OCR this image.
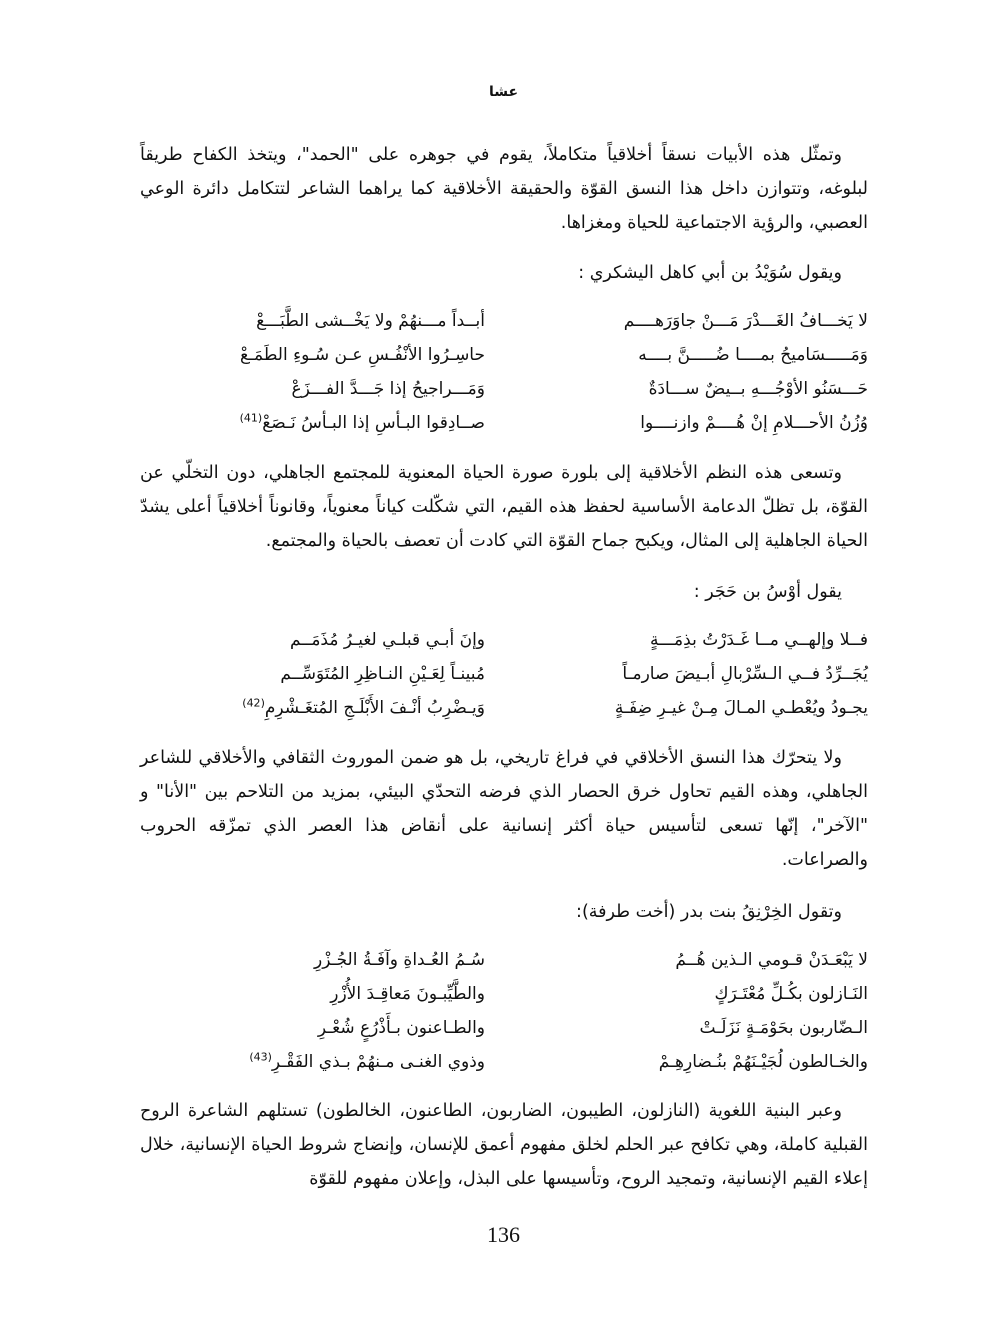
عشا

وتمثّل هذه الأبيات نسقاً أخلاقياً متكاملاً، يقوم في جوهره على "الحمد"، ويتخذ الكفاح طريقاً لبلوغه، وتتوازن داخل هذا النسق القوّة والحقيقة الأخلاقية كما يراهما الشاعر لتتكامل دائرة الوعي العصبي، والرؤية الاجتماعية للحياة ومغزاها.

ويقول سُوَيْدُ بن أبي كاهل اليشكري :

لا يَخـــافُ الغَـــدْرَ مَـــنْ جاوَرَهــــم
أبــداً مـــنهُمْ ولا يَخْــشى الطَّبَـــعْ
وَمَـــــسَاميحُ بمــــا ضُـــــنَّ بــــه
حاسِـرُوا الأنْفُـسِ عـن سُـوءِ الطَمَـعْ
حَـــسَنُو الأوْجُـــهِ بــيضٌ ســـادَةٌ
وَمَـــراجيحُ إذا جَـــدَّ الفـــزَعْ
وُزُنُ الأحـــلامِ إنْ هُــــمْ وازنــــوا
صــادِقوا البـأسِ إذا البـأسُ نَـصَعْ$^{(41)}$

وتسعى هذه النظم الأخلاقية إلى بلورة صورة الحياة المعنوية للمجتمع الجاهلي، دون التخلّي عن القوّة، بل تظلّ الدعامة الأساسية لحفظ هذه القيم، التي شكّلت كياناً معنوياً، وقانوناً أخلاقياً أعلى يشدّ الحياة الجاهلية إلى المثال، ويكبح جماح القوّة التي كادت أن تعصف بالحياة والمجتمع.

يقول أوْسُ بن حَجَر :

فــلا وإلهــي مــا غَـدَرْتُ بذِمَـــةٍ
وإنَ أبـي قبلـي لغيـرُ مُذَمَــم
يُجَــرِّدُ فــي الـسِّرْبالِ أبـيضَ صارمـاً
مُبينـاً لِعَـيْنِ النـاظِرِ المُتَوَسِّــم
يجـودُ ويُعْطـي المـالَ مِـنْ غيـرِ ضِفَـةٍ
وَيـضْرِبُ أنْـفَ الأَبْلَـجِ المُتغَـشْرِمِ$^{(42)}$

ولا يتحرّك هذا النسق الأخلاقي في فراغ تاريخي، بل هو ضمن الموروث الثقافي والأخلاقي للشاعر الجاهلي، وهذه القيم تحاول خرق الحصار الذي فرضه التحدّي البيئي، بمزيد من التلاحم بين "الأنا" و "الآخر"، إنّها تسعى لتأسيس حياة أكثر إنسانية على أنقاض هذا العصر الذي تمزّقه الحروب والصراعات.

وتقول الخِرْنِقُ بنت بدر (أخت طرفة):

لا يَبْعَـدَنْ قـومي الـذين هُــمُ
سُـمُ العُـداةِ وآفَـةُ الجُـزْرِ
النَـازلون بكُـلِّ مُعْتَـرَكٍ
والطَّيِّبـونَ مَعاقِـدَ الأُزْرِ
الـضّاربون بحَوْمَـةٍ نَزَلَـتْ
والطـاعنون بـأَذْرُعٍ شُعْـرِ
والخـالطون لُجَيْـنَهُمْ بنُـضارِهِـمْ
وذوي الغنـى مـنهُمْ بـذي الفَقْـرِ$^{(43)}$

وعبر البنية اللغوية (النازلون، الطيبون، الضاربون، الطاعنون، الخالطون) تستلهم الشاعرة الروح القبلية كاملة، وهي تكافح عبر الحلم لخلق مفهوم أعمق للإنسان، وإنضاج شروط الحياة الإنسانية، خلال إعلاء القيم الإنسانية، وتمجيد الروح، وتأسيسها على البذل، وإعلان مفهوم للقوّة

136
